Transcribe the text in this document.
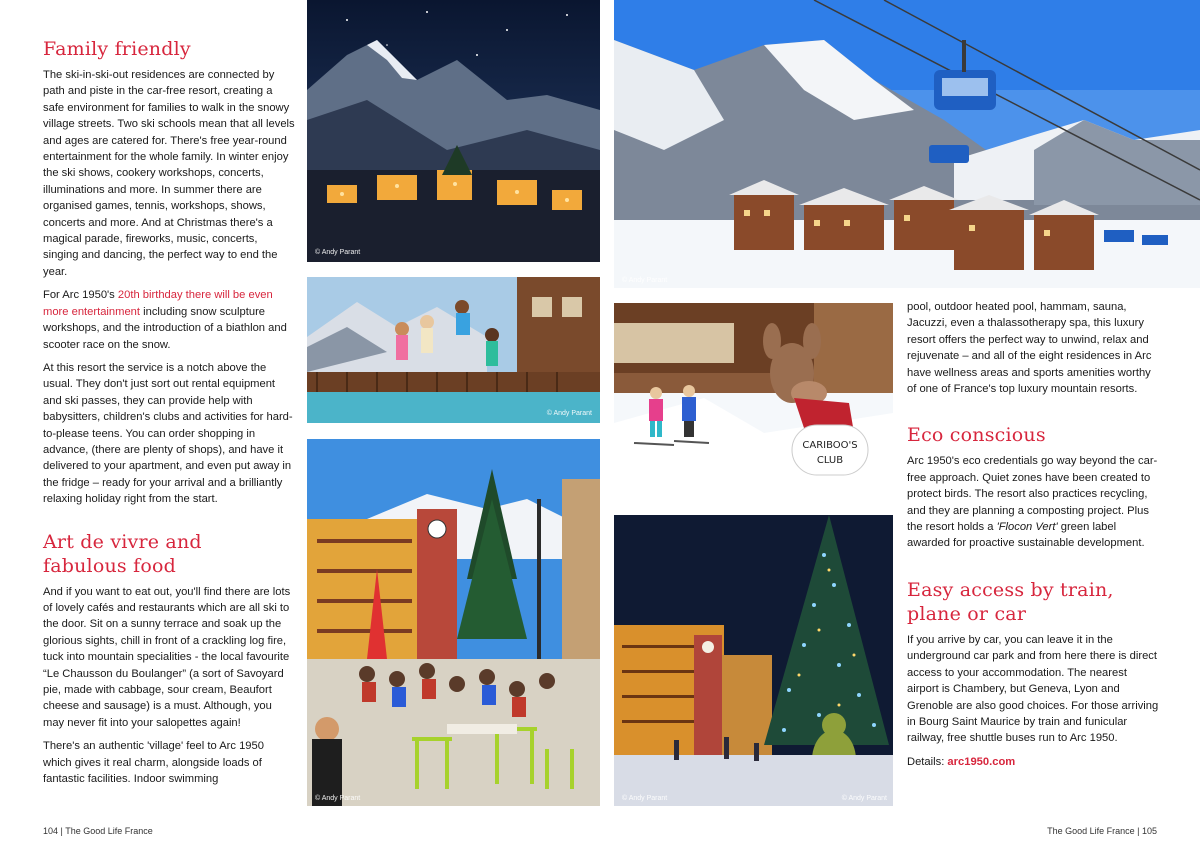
Family friendly

The ski-in-ski-out residences are connected by path and piste in the car-free resort, creating a safe environment for families to walk in the snowy village streets. Two ski schools mean that all levels and ages are catered for. There's free year-round entertainment for the whole family. In winter enjoy the ski shows, cookery workshops, concerts, illuminations and more. In summer there are organised games, tennis, workshops, shows, concerts and more. And at Christmas there's a magical parade, fireworks, music, concerts, singing and dancing, the perfect way to end the year.

For Arc 1950's 20th birthday there will be even more entertainment including snow sculpture workshops, and the introduction of a biathlon and scooter race on the snow.

At this resort the service is a notch above the usual. They don't just sort out rental equipment and ski passes, they can provide help with babysitters, children's clubs and activities for hard-to-please teens. You can order shopping in advance, (there are plenty of shops), and have it delivered to your apartment, and even put away in the fridge – ready for your arrival and a brilliantly relaxing holiday right from the start.

Art de vivre and
fabulous food

And if you want to eat out, you'll find there are lots of lovely cafés and restaurants which are all ski to the door. Sit on a sunny terrace and soak up the glorious sights, chill in front of a crackling log fire, tuck into mountain specialities - the local favourite “Le Chausson du Boulanger” (a sort of Savoyard pie, made with cabbage, sour cream, Beaufort cheese and sausage) is a must. Although, you may never fit into your salopettes again!

There's an authentic 'village' feel to Arc 1950 which gives it real charm, alongside loads of fantastic facilities. Indoor swimming

© Andy Parant
© Andy Parant
© Andy Parant
© Andy Parant
CARIBOO'S
CLUB
Cariboo's club © Andy Parant
© Andy Parant	© Andy Parant

pool, outdoor heated pool, hammam, sauna, Jacuzzi, even a thalassotherapy spa, this luxury resort offers the perfect way to unwind, relax and rejuvenate – and all of the eight residences in Arc have wellness areas and sports amenities worthy of one of France's top luxury mountain resorts.

Eco conscious

Arc 1950's eco credentials go way beyond the car-free approach. Quiet zones have been created to protect birds. The resort also practices recycling, and they are planning a composting project. Plus the resort holds a 'Flocon Vert' green label awarded for proactive sustainable development.

Easy access by train,
plane or car

If you arrive by car, you can leave it in the underground car park and from here there is direct access to your accommodation. The nearest airport is Chambery, but Geneva, Lyon and Grenoble are also good choices. For those arriving in Bourg Saint Maurice by train and funicular railway, free shuttle buses run to Arc 1950.

Details: arc1950.com

104 | The Good Life France	The Good Life France | 105
